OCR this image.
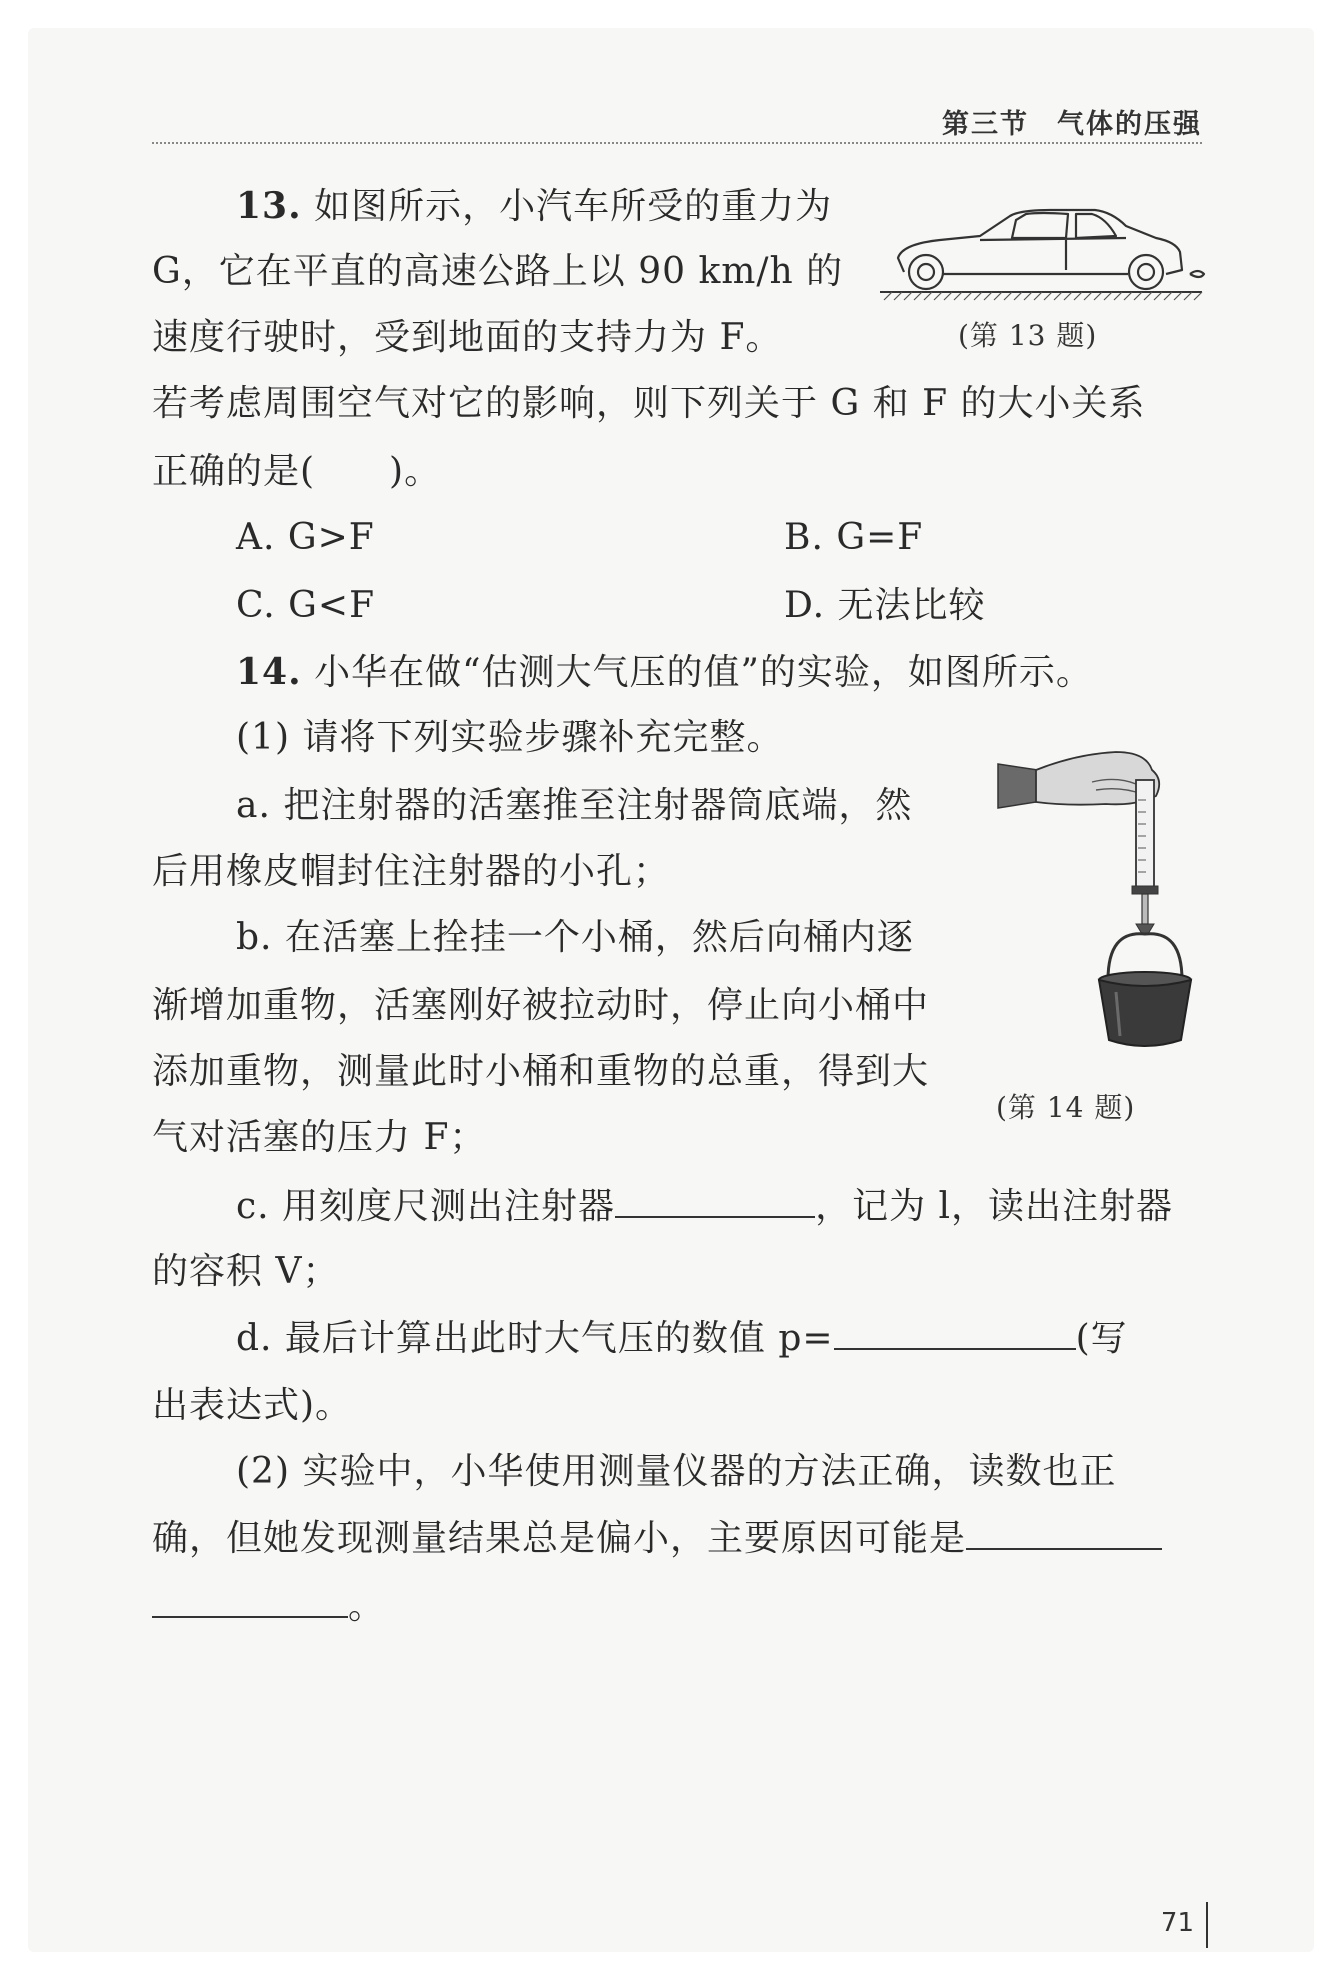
第三节 气体的压强
13. 如图所示，小汽车所受的重力为
G，它在平直的高速公路上以 90 km/h 的
速度行驶时，受到地面的支持力为 F。
若考虑周围空气对它的影响，则下列关于 G 和 F 的大小关系
正确的是(　　)。
A. G>F	B. G=F
C. G<F	D. 无法比较
(第 13 题)
14. 小华在做“估测大气压的值”的实验，如图所示。
(1) 请将下列实验步骤补充完整。
a. 把注射器的活塞推至注射器筒底端，然
后用橡皮帽封住注射器的小孔；
b. 在活塞上拴挂一个小桶，然后向桶内逐
渐增加重物，活塞刚好被拉动时，停止向小桶中
添加重物，测量此时小桶和重物的总重，得到大
气对活塞的压力 F；
c. 用刻度尺测出注射器	，记为 l，读出注射器
的容积 V；
d. 最后计算出此时大气压的数值 p=	(写
出表达式)。
(2) 实验中，小华使用测量仪器的方法正确，读数也正
确，但她发现测量结果总是偏小，主要原因可能是
。
(第 14 题)
71
